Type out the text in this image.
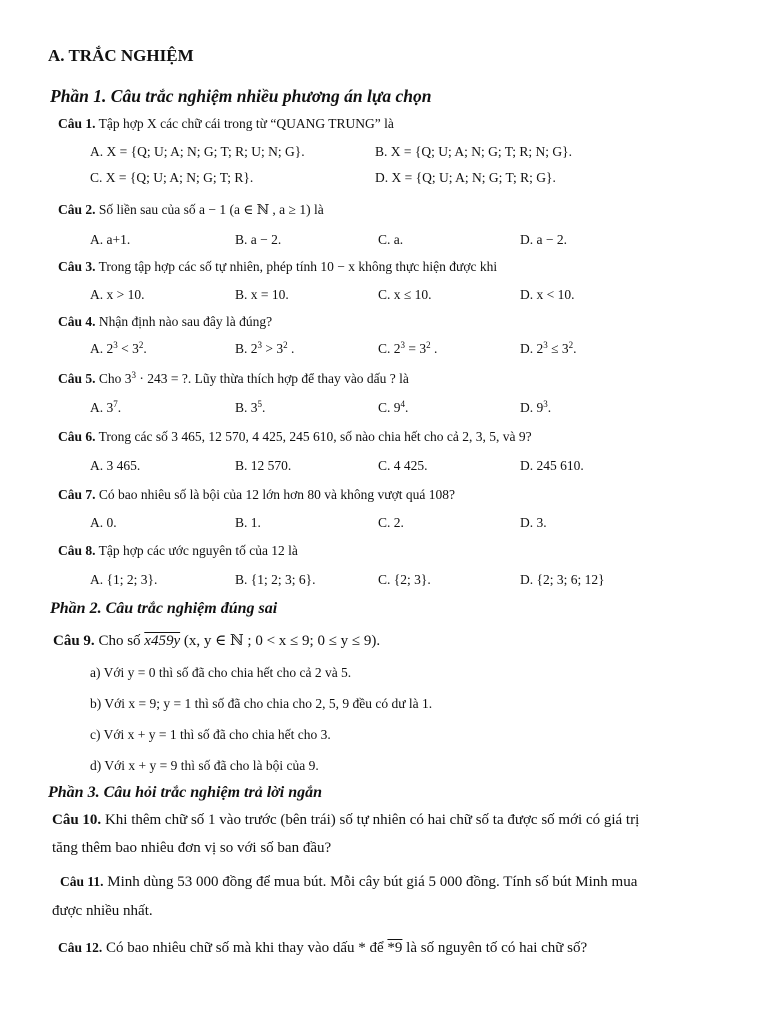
A. TRẮC NGHIỆM
Phần 1. Câu trắc nghiệm nhiều phương án lựa chọn
Câu 1. Tập hợp X các chữ cái trong từ “QUANG TRUNG” là
A. X = {Q; U; A; N; G; T; R; U; N; G}.	B. X = {Q; U; A; N; G; T; R; N; G}.
C. X = {Q; U; A; N; G; T; R}.	D. X = {Q; U; A; N; G; T; R; G}.
Câu 2. Số liền sau của số a − 1 (a ∈ ℕ , a ≥ 1) là
A. a+1.	B. a − 2.	C. a.	D. a − 2.
Câu 3. Trong tập hợp các số tự nhiên, phép tính 10 − x không thực hiện được khi
A. x > 10.	B. x = 10.	C. x ≤ 10.	D. x < 10.
Câu 4. Nhận định nào sau đây là đúng?
A. $2^3 < 3^2$.	B. $2^3 > 3^2$ .	C. $2^3 = 3^2$ .	D. $2^3 \le 3^2$.
Câu 5. Cho $3^3 \cdot 243$ = ?. Lũy thừa thích hợp để thay vào dấu ? là
A. $3^7$.	B. $3^5$.	C. $9^4$.	D. $9^3$.
Câu 6. Trong các số 3 465, 12 570, 4 425, 245 610, số nào chia hết cho cả 2, 3, 5, và 9?
A. 3 465.	B. 12 570.	C. 4 425.	D. 245 610.
Câu 7. Có bao nhiêu số là bội của 12 lớn hơn 80 và không vượt quá 108?
A. 0.	B. 1.	C. 2.	D. 3.
Câu 8. Tập hợp các ước nguyên tố của 12 là
A. {1; 2; 3}.	B. {1; 2; 3; 6}.	C. {2; 3}.	D. {2; 3; 6; 12}
Phần 2. Câu trắc nghiệm đúng sai
Câu 9. Cho số x459y (x, y ∈ ℕ ; 0 < x ≤ 9; 0 ≤ y ≤ 9).
a) Với y = 0 thì số đã cho chia hết cho cả 2 và 5.
b) Với x = 9; y = 1 thì số đã cho chia cho 2, 5, 9 đều có dư là 1.
c) Với x + y = 1 thì số đã cho chia hết cho 3.
d) Với x + y = 9 thì số đã cho là bội của 9.
Phần 3. Câu hỏi trắc nghiệm trả lời ngắn
Câu 10. Khi thêm chữ số 1 vào trước (bên trái) số tự nhiên có hai chữ số ta được số mới có giá trị
tăng thêm bao nhiêu đơn vị so với số ban đầu?
Câu 11. Minh dùng 53 000 đồng để mua bút. Mỗi cây bút giá 5 000 đồng. Tính số bút Minh mua
được nhiều nhất.
Câu 12. Có bao nhiêu chữ số mà khi thay vào dấu * để *9 là số nguyên tố có hai chữ số?
